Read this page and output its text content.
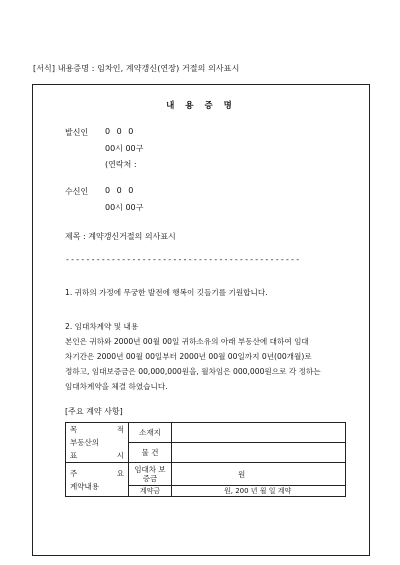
[서식] 내용증명 : 임차인, 계약갱신(연장) 거절의 의사표시
내 용 증 명
발신인 0 0 0
00시 00구
(연락처 :
수신인 0 0 0
00시 00구
제목 : 계약갱신거절의 의사표시
----------------------------------------------
1. 귀하의 가정에 무궁한 발전에 행복이 깃들기를 기원합니다.
2. 임대차계약 및 내용
본인은 귀하와 2000년 00월 00일 귀하소유의 아래 부동산에 대하여 임대
차기간은 2000년 00월 00일부터 2000년 00월 00일까지 0년(00개월)로
정하고, 임대보증금은 00,000,000원을, 월차임은 000,000원으로 각 정하는
임대차계약을 체결 하였습니다.
[주요 계약 사항]
목 적
부동산의
표 시	소재지	
	물 건	

주 요
계약내용	임대차 보증금	원
	계약금	원, 200 년 월 일 계약
